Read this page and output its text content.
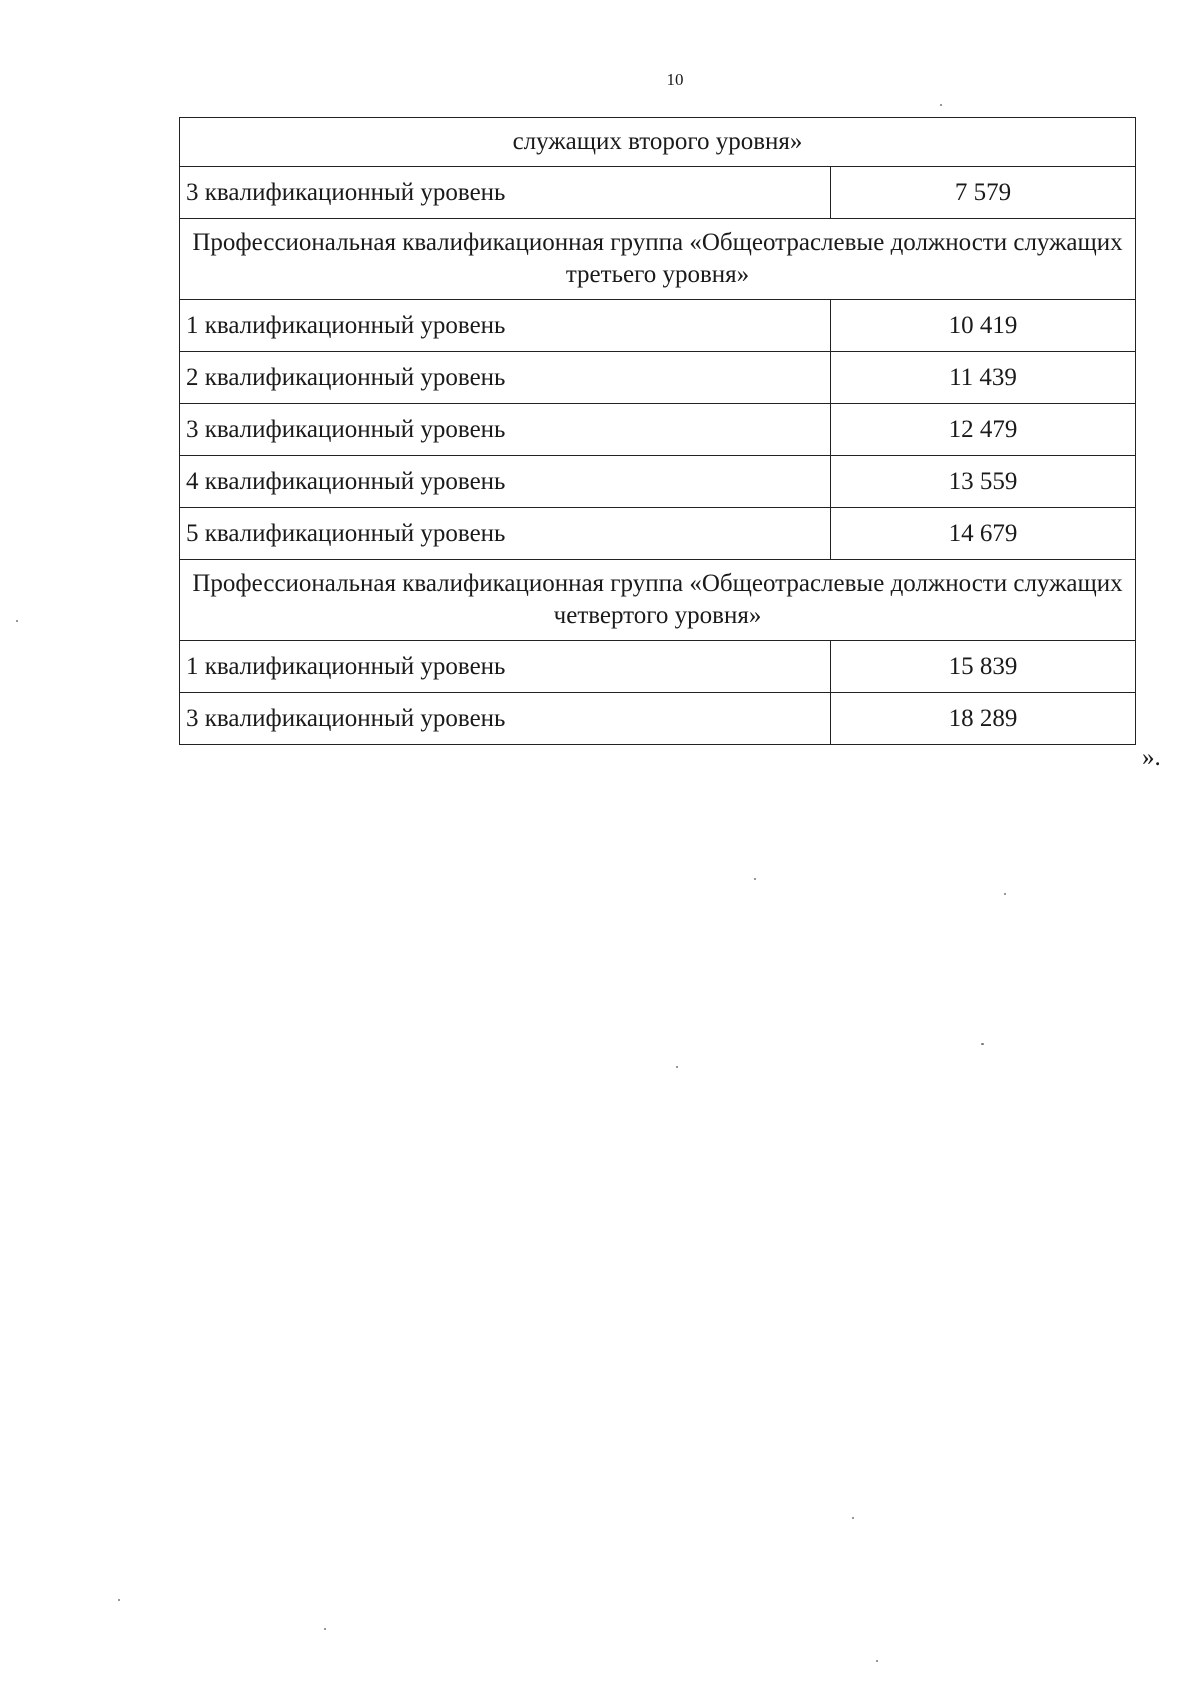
10
служащих второго уровня»	
3 квалификационный уровень	7 579
Профессиональная квалификационная группа «Общеотраслевые должности служащих третьего уровня»	
1 квалификационный уровень	10 419
2 квалификационный уровень	11 439
3 квалификационный уровень	12 479
4 квалификационный уровень	13 559
5 квалификационный уровень	14 679
Профессиональная квалификационная группа «Общеотраслевые должности служащих четвертого уровня»	
1 квалификационный уровень	15 839
3 квалификационный уровень	18 289
».
